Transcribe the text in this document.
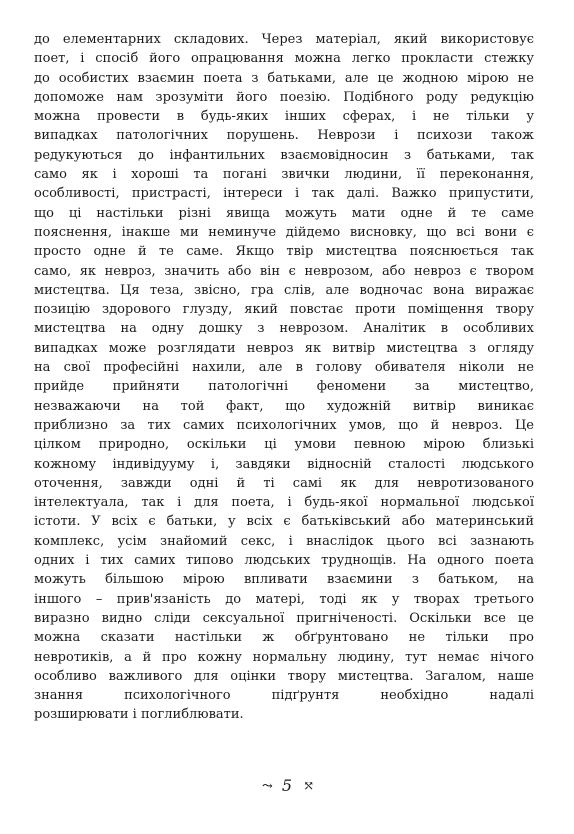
до елементарних складових. Через матеріал, який використовує
поет, і спосіб його опрацювання можна легко прокласти стежку
до особистих взаємин поета з батьками, але це жодною мірою не
допоможе нам зрозуміти його поезію. Подібного роду редукцію
можна провести в будь-яких інших сферах, і не тільки у
випадках патологічних порушень. Неврози і психози також
редукуються до інфантильних взаємовідносин з батьками, так
само як і хороші та погані звички людини, її переконання,
особливості, пристрасті, інтереси і так далі. Важко припустити,
що ці настільки різні явища можуть мати одне й те саме
пояснення, інакше ми неминуче дійдемо висновку, що всі вони є
просто одне й те саме. Якщо твір мистецтва пояснюється так
само, як невроз, значить або він є неврозом, або невроз є твором
мистецтва. Ця теза, звісно, гра слів, але водночас вона виражає
позицію здорового глузду, який повстає проти поміщення твору
мистецтва на одну дошку з неврозом. Аналітик в особливих
випадках може розглядати невроз як витвір мистецтва з огляду
на свої професійні нахили, але в голову обивателя ніколи не
прийде прийняти патологічні феномени за мистецтво,
незважаючи на той факт, що художній витвір виникає
приблизно за тих самих психологічних умов, що й невроз. Це
цілком природно, оскільки ці умови певною мірою близькі
кожному індивідууму і, завдяки відносній сталості людського
оточення, завжди одні й ті самі як для невротизованого
інтелектуала, так і для поета, і будь-якої нормальної людської
істоти. У всіх є батьки, у всіх є батьківський або материнський
комплекс, усім знайомий секс, і внаслідок цього всі зазнають
одних і тих самих типово людських труднощів. На одного поета
можуть більшою мірою впливати взаємини з батьком, на
іншого – прив'язаність до матері, тоді як у творах третього
виразно видно сліди сексуальної пригніченості. Оскільки все це
можна сказати настільки ж обґрунтовано не тільки про
невротиків, а й про кожну нормальну людину, тут немає нічого
особливо важливого для оцінки твору мистецтва. Загалом, наше
знання психологічного підґрунтя необхідно надалі
розширювати і поглиблювати.
⤳ 5 ⤲
